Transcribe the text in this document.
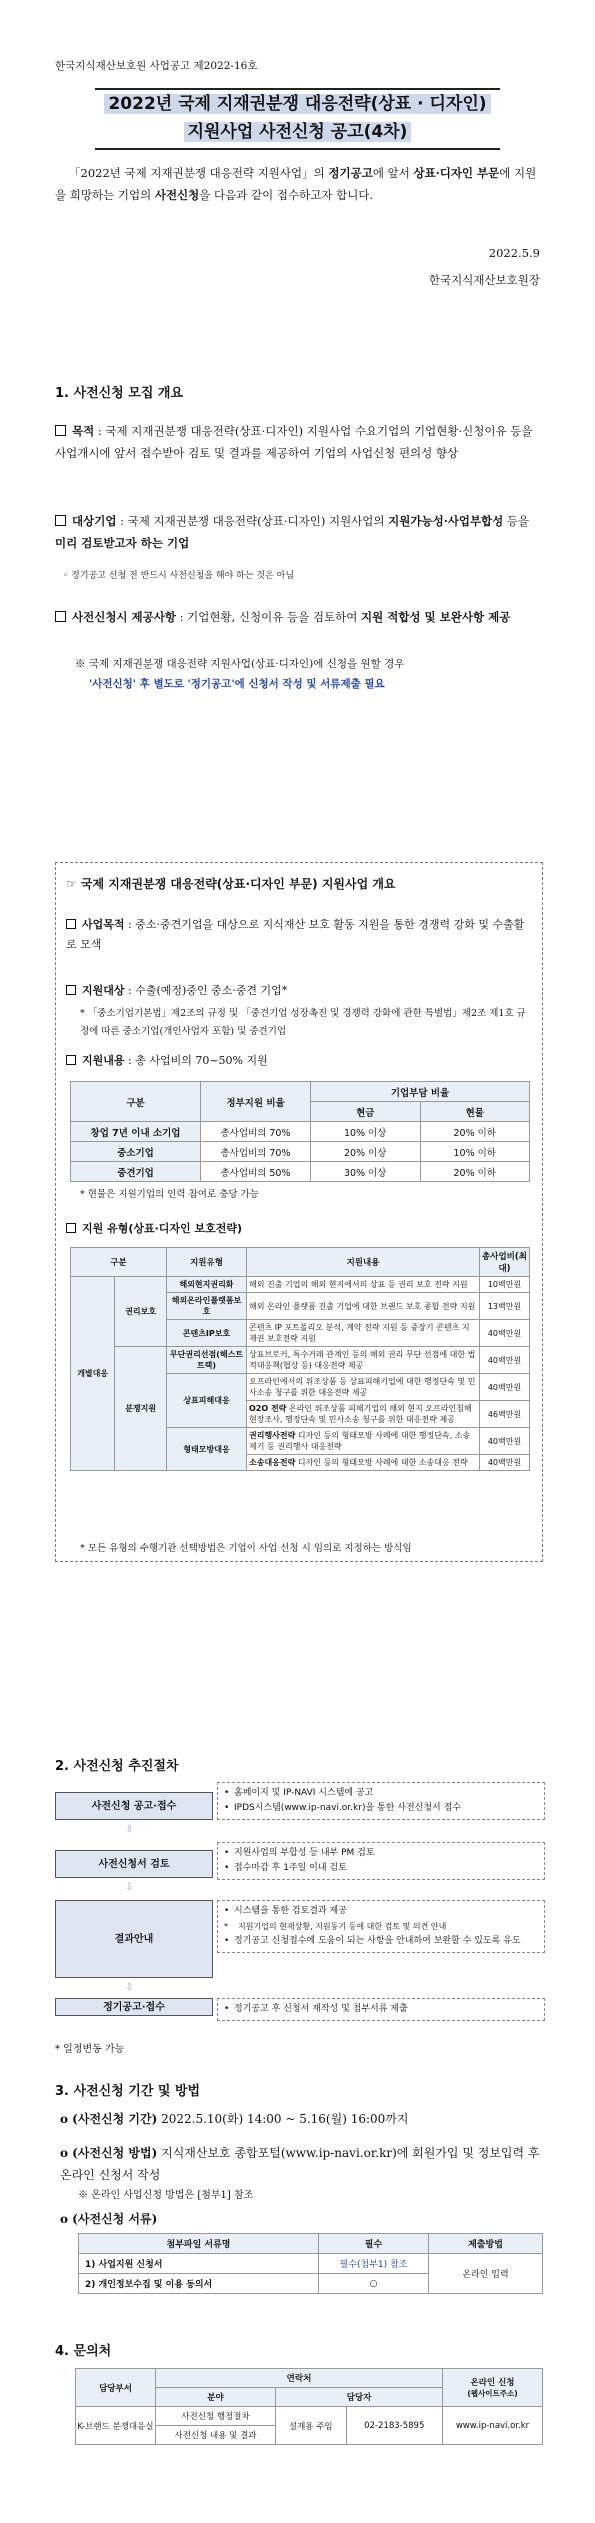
한국지식재산보호원 사업공고 제2022-16호
2022년 국제 지재권분쟁 대응전략(상표 · 디자인)
지원사업 사전신청 공고(4차)
「2022년 국제 지재권분쟁 대응전략 지원사업」의 정기공고에 앞서 상표·디자인 부문에 지원을 희망하는 기업의 사전신청을 다음과 같이 접수하고자 합니다.
2022.5.9
한국지식재산보호원장
1. 사전신청 모집 개요
목적 : 국제 지재권분쟁 대응전략(상표·디자인) 지원사업 수요기업의 기업현황·신청이유 등을 사업개시에 앞서 접수받아 검토 및 결과를 제공하여 기업의 사업신청 편의성 향상
대상기업 : 국제 지재권분쟁 대응전략(상표·디자인) 지원사업의 지원가능성·사업부합성 등을 미리 검토받고자 하는 기업
◦ 정기공고 신청 전 반드시 사전신청을 해야 하는 것은 아님
사전신청시 제공사항 : 기업현황, 신청이유 등을 검토하여 지원 적합성 및 보완사항 제공
※ 국제 지재권분쟁 대응전략 지원사업(상표·디자인)에 신청을 원할 경우
'사전신청' 후 별도로 '정기공고'에 신청서 작성 및 서류제출 필요
☞ 국제 지재권분쟁 대응전략(상표·디자인 부문) 지원사업 개요
사업목적 : 중소·중견기업을 대상으로 지식재산 보호 활동 지원을 통한 경쟁력 강화 및 수출활로 모색
지원대상 : 수출(예정)중인 중소·중견 기업*
* 「중소기업기본법」제2조의 규정 및 「중견기업 성장촉진 및 경쟁력 강화에 관한 특별법」제2조 제1호 규정에 따른 중소기업(개인사업자 포함) 및 중견기업
지원내용 : 총 사업비의 70~50% 지원
구분	정부지원 비율	기업부담 비율	
		현금	현물
창업 7년 이내 소기업	총사업비의 70%	10% 이상	20% 이하
중소기업	총사업비의 70%	20% 이상	10% 이하
중견기업	총사업비의 50%	30% 이상	20% 이하
* 현물은 지원기업의 인력 참여로 충당 가능
지원 유형(상표·디자인 보호전략)
구분		지원유형	지원내용	총사업비(최대)
개별대응	권리보호	해외현지권리화	해외 진출 기업의 해외 현지에서의 상표 등 권리 보호 전략 지원	10백만원
		해외온라인플랫폼보호	해외 온라인 플랫폼 진출 기업에 대한 브랜드 보호 종합 전략 지원	13백만원
		콘텐츠IP보호	콘텐츠 IP 포트폴리오 분석, 계약 전략 지원 등 중장기 콘텐츠 지재권 보호전략 지원	40백만원
	분쟁지원	무단권리선점(해스트트랙)	상표브로커, 특수거래 관계인 등의 해외 권리 무단 선점에 대한 법적대응책(협상 등) 대응전략 제공	40백만원
		상표피해대응	오프라인에서의 위조상품 등 상표피해기업에 대한 행정단속 및 민사소송 청구를 위한 대응전략 제공	40백만원
			O2O 전략 온라인 위조상품 피해기업의 해외 현지 오프라인침해현장조사, 행정단속 및 민사소송 청구를 위한 대응전략 제공	46백만원
		형태모방대응	권리행사전략 디자인 등의 형태모방 사례에 대한 행정단속, 소송 제기 등 권리행사 대응전략	40백만원
			소송대응전략 디자인 등의 형태모방 사례에 대한 소송대응 전략	40백만원
* 모든 유형의 수행기관 선택방법은 기업이 사업 신청 시 임의로 지정하는 방식임
2. 사전신청 추진절차
사전신청 공고·접수
• 홈페이지 및 IP-NAVI 시스템에 공고
• IPDS시스템(www.ip-navi.or.kr)을 통한 사전신청서 접수
⇩
사전신청서 검토
• 지원사업의 부합성 등 내부 PM 검토
• 접수마감 후 1주일 이내 검토
⇩
결과안내
• 시스템을 통한 검토결과 제공
* 지원기업의 현재상황, 지원동기 등에 대한 검토 및 의견 안내
• 정기공고 신청접수에 도움이 되는 사항을 안내하여 보완할 수 있도록 유도
⇩
정기공고·접수	• 정기공고 후 신청서 재작성 및 첨부서류 제출
* 일정변동 가능
3. 사전신청 기간 및 방법
o (사전신청 기간) 2022.5.10(화) 14:00 ~ 5.16(월) 16:00까지
o (사전신청 방법) 지식재산보호 종합포털(www.ip-navi.or.kr)에 회원가입 및 정보입력 후 온라인 신청서 작성
※ 온라인 사업신청 방법은 [첨부1] 참조
o (사전신청 서류)
첨부파일 서류명	필수	제출방법
1) 사업지원 신청서	필수(첨부1) 참조	온라인 입력
2) 개인정보수집 및 이용 동의서	○	
4. 문의처
담당부서	연락처			온라인 신청
(웹사이트주소)

	분야	담당자		
K-브랜드 분쟁대응실	사전신청 행정절차	설재용 주임	02-2183-5895	www.ip-navi.or.kr
	사전신청 내용 및 결과			
